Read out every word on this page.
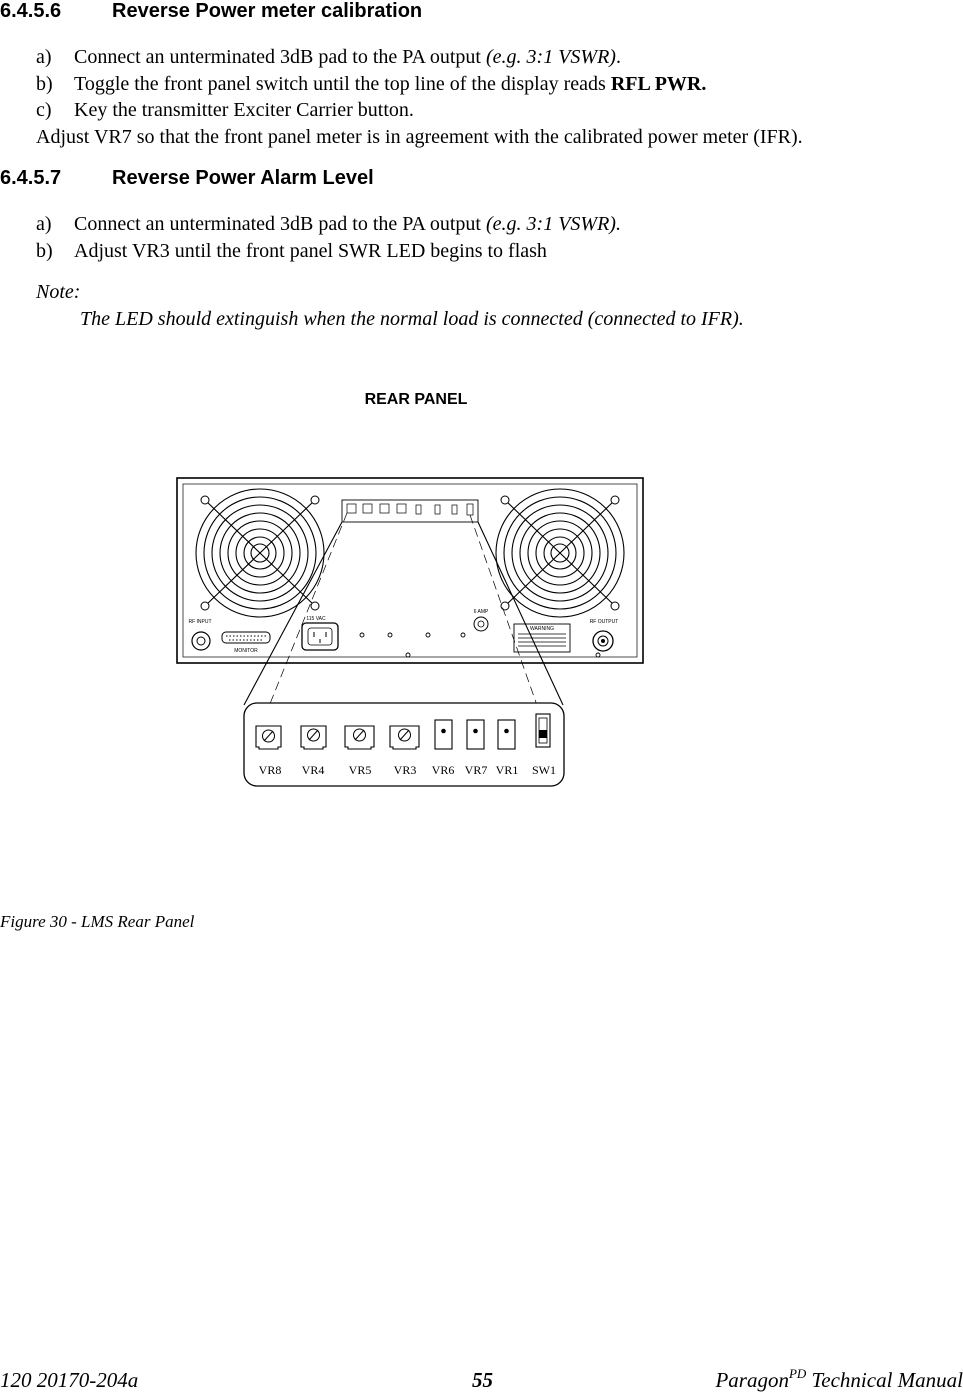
6.4.5.6	Reverse Power meter calibration
a) Connect an unterminated 3dB pad to the PA output (e.g. 3:1 VSWR).
b) Toggle the front panel switch until the top line of the display reads RFL PWR.
c) Key the transmitter Exciter Carrier button.
Adjust VR7 so that the front panel meter is in agreement with the calibrated power meter (IFR).
6.4.5.7	Reverse Power Alarm Level
a) Connect an unterminated 3dB pad to the PA output (e.g. 3:1 VSWR).
b) Adjust VR3 until the front panel SWR LED begins to flash
Note:
The LED should extinguish when the normal load is connected (connected to IFR).
REAR PANEL
RF INPUT
MONITOR
115 VAC
6 AMP
WARNING
RF OUTPUT
VR8 VR4 VR5 VR3 VR6 VR7 VR1 SW1
Figure 30 - LMS Rear Panel
120 20170-204a	55	Paragon$^{PD}$ Technical Manual
